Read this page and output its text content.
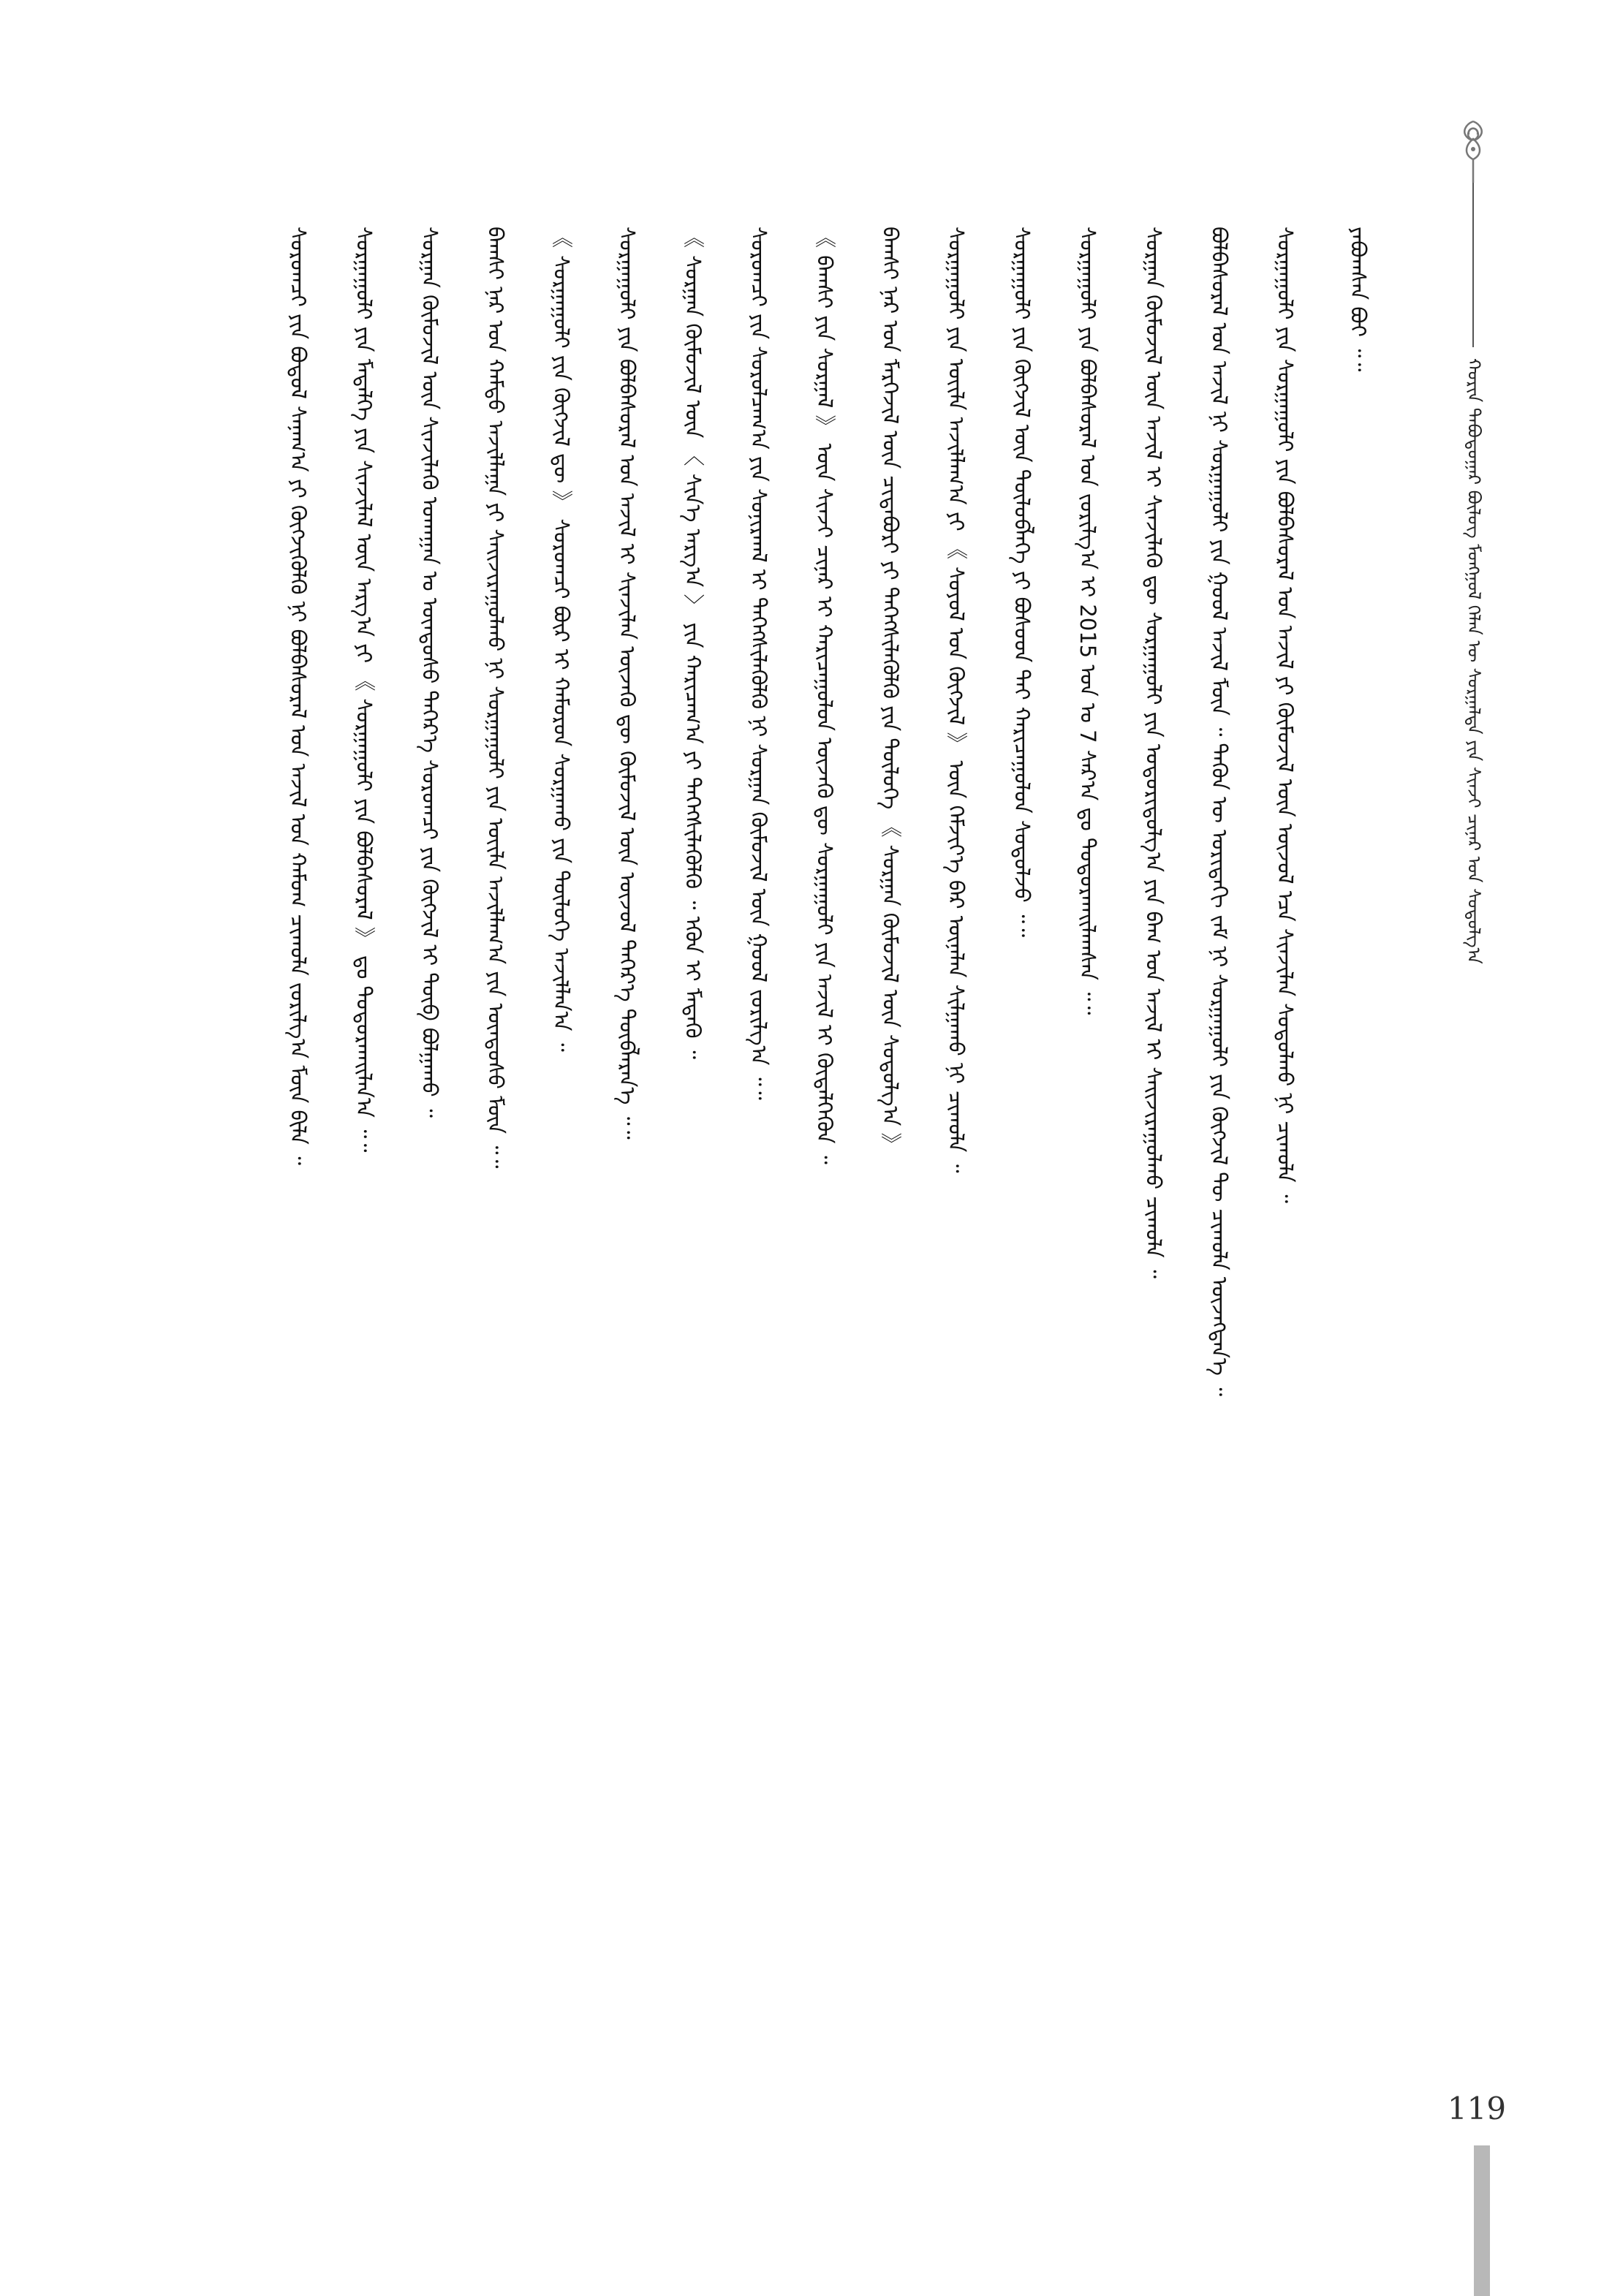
ᠬᠣᠷᠢᠨ ᠲᠠᠪᠤᠳᠤᠭᠠᠷ ᠪᠦᠯᠦᠭ ᠮᠣᠩᠭᠣᠯ ᠬᠡᠯᠡᠨ ᠦ ᠰᠤᠷᠭᠠᠯᠲᠠ ᠶᠢᠨ ᠰᠢᠨᠵᠢ ᠴᠢᠨᠠᠷ ᠤᠨ ᠰᠤᠳᠤᠯᠭ᠎ᠠ
ᠶᠠᠪᠤᠭᠰᠠᠨ ᠪᠤᠢ ᠃᠃
ᠰᠤᠷᠭᠠᠭᠤᠯᠢ ᠶᠢᠨ ᠰᠤᠷᠭᠠᠭᠤᠯᠢ ᠶᠢᠨ ᠪᠣᠯᠪᠠᠰᠤᠷᠠᠯ ᠤᠨ ᠠᠵᠢᠯ ᠶᠢ ᠬᠦᠮᠦᠵᠢᠯ ᠦᠨ ᠦᠵᠦᠯ ᠡᠴᠡ ᠰᠢᠨᠵᠢᠯᠡᠨ ᠰᠤᠳᠤᠯᠬᠤ ᠨᠢ ᠴᠢᠬᠤᠯᠠ ᠃
ᠪᠣᠯᠪᠠᠰᠤᠷᠠᠯ ᠤᠨ ᠠᠵᠢᠯ ᠨᠢ ᠰᠤᠷᠭᠠᠭᠤᠯᠢ ᠶᠢᠨ ᠭᠣᠣᠯ ᠠᠵᠢᠯ ᠮᠥᠨ ᠃ ᠲᠡᠭᠦᠨ ᠦ ᠤᠷᠢᠳᠠᠬᠢ ᠵᠠᠮ ᠨᠢ ᠰᠤᠷᠭᠠᠭᠤᠯᠢ ᠶᠢᠨ ᠬᠥᠭᠵᠢᠯ ᠲᠦ ᠴᠢᠬᠤᠯᠠ ᠦᠵᠡᠭᠳᠡᠨ᠎ᠡ ᠃
ᠰᠤᠷᠭᠠᠨ ᠬᠥᠮᠦᠵᠢᠯ ᠦᠨ ᠠᠵᠢᠯ ᠢ ᠰᠢᠨᠵᠢᠯᠡᠬᠦ ᠳᠦ ᠰᠤᠷᠭᠠᠭᠤᠯᠢ ᠶᠢᠨ ᠤᠳᠤᠷᠢᠳᠤᠯᠭ᠎ᠠ ᠶᠢᠨ ᠪᠠᠭ ᠤᠨ ᠠᠵᠢᠯ ᠢ ᠰᠠᠢᠵᠢᠷᠠᠭᠤᠯᠬᠤ ᠴᠢᠬᠤᠯᠠ ᠃
ᠰᠤᠷᠭᠠᠭᠤᠯᠢ ᠶᠢᠨ ᠪᠣᠯᠪᠠᠰᠤᠷᠠᠯ ᠤᠨ ᠵᠣᠷᠢᠯᠭ᠎ᠠ ᠢ 2015 ᠣᠨ ᠤ 7 ᠰᠠᠷ᠎ᠠ ᠳᠤ ᠲᠣᠳᠤᠷᠬᠠᠢᠯᠠᠭᠰᠠᠨ ᠃᠃
ᠰᠤᠷᠭᠠᠭᠤᠯᠢ ᠶᠢᠨ ᠬᠥᠭᠵᠢᠯ ᠦᠨ ᠲᠥᠯᠦᠪᠯᠡᠭᠡ ᠶᠢ ᠪᠤᠰᠤᠳ ᠲᠠᠢ ᠬᠠᠷᠢᠴᠠᠭᠤᠯᠤᠨ ᠰᠤᠳᠤᠯᠵᠤ ᠃᠃
ᠰᠤᠷᠭᠠᠭᠤᠯᠢ ᠶᠢᠨ ᠦᠢᠯᠡ ᠠᠵᠢᠯᠯᠠᠭ᠎ᠠ ᠶᠢ 《 ᠰᠣᠶᠣᠯ ᠤᠨ ᠬᠥᠭᠵᠢᠯ 》 ᠦᠨ ᠬᠡᠮᠵᠢᠶ᠎ᠡ ᠪᠡᠷ ᠦᠨᠡᠯᠡᠨ ᠰᠢᠯᠭᠠᠬᠤ ᠨᠢ ᠴᠢᠬᠤᠯᠠ ᠃
ᠪᠠᠭᠰᠢ ᠨᠠᠷ ᠤᠨ ᠮᠡᠷᠭᠡᠵᠢᠯ ᠦᠨ ᠴᠢᠳᠠᠪᠤᠷᠢ ᠶᠢ ᠳᠡᠭᠡᠭᠰᠢᠯᠡᠭᠦᠯᠬᠦ ᠶᠢᠨ ᠲᠥᠯᠦᠭᠡ 《 ᠰᠤᠷᠭᠠᠨ ᠬᠥᠮᠦᠵᠢᠯ ᠦᠨ ᠰᠤᠳᠤᠯᠭ᠎ᠠ 》
《 ᠪᠠᠭᠰᠢ ᠶᠢᠨ ᠰᠤᠷᠭᠠᠯ 》 ᠦᠨ ᠰᠢᠨᠵᠢ ᠴᠢᠨᠠᠷ ᠢ ᠬᠠᠷᠢᠴᠠᠭᠤᠯᠤᠨ ᠦᠵᠡᠬᠦ ᠳᠦ ᠰᠤᠷᠭᠠᠭᠤᠯᠢ ᠶᠢᠨ ᠠᠵᠢᠯ ᠢ ᠬᠥᠳᠡᠯᠭᠡᠭᠦᠨ ᠃
ᠰᠤᠷᠤᠭᠴᠢ ᠶᠢᠨ ᠰᠤᠷᠤᠯᠴᠠᠭ᠎ᠠ ᠶᠢᠨ ᠰᠣᠨᠢᠷᠬᠠᠯ ᠢ ᠳᠡᠭᠡᠭᠰᠢᠯᠡᠭᠦᠯᠬᠦ ᠨᠢ ᠰᠤᠷᠭᠠᠨ ᠬᠥᠮᠦᠵᠢᠯ ᠦᠨ ᠭᠣᠣᠯ ᠵᠣᠷᠢᠯᠭ᠎ᠠ ᠃᠃
《 ᠰᠤᠷᠭᠠᠨ ᠬᠥᠮᠦᠵᠢᠯ ᠦᠨ 〈 ᠰᠢᠨ᠎ᠡ ᠠᠷᠭ᠎ᠠ 〉 ᠶᠢᠨ ᠬᠠᠷᠢᠴᠠᠭ᠎ᠠ ᠶᠢ ᠳᠡᠭᠡᠭᠰᠢᠯᠡᠭᠦᠯᠬᠦ ᠃ ᠡᠭᠦᠨ ᠢ ᠮᠡᠳᠡᠬᠦ ᠃
ᠰᠤᠷᠭᠠᠭᠤᠯᠢ ᠶᠢᠨ ᠪᠣᠯᠪᠠᠰᠤᠷᠠᠯ ᠤᠨ ᠠᠵᠢᠯ ᠢ ᠰᠢᠨᠵᠢᠯᠡᠨ ᠦᠵᠡᠬᠦ ᠳᠦ ᠬᠥᠮᠦᠵᠢᠯ ᠦᠨ ᠦᠵᠦᠯ ᠳᠡᠭᠡᠷ᠎ᠡ ᠲᠥᠪᠯᠡᠷᠡᠨ᠎ᠡ ᠃᠃
《 ᠰᠤᠷᠭᠠᠭᠤᠯᠢ ᠶᠢᠨ ᠬᠥᠭᠵᠢᠯ ᠳᠦ 》 ᠰᠤᠷᠤᠭᠴᠢ ᠪᠦᠷ ᠢ ᠬᠠᠮᠤᠷᠤᠨ ᠰᠤᠷᠭᠠᠬᠤ ᠶᠢᠨ ᠲᠥᠯᠦᠭᠡ ᠠᠵᠢᠯᠯᠠᠨ᠎ᠠ ᠃
ᠪᠠᠭᠰᠢ ᠨᠠᠷ ᠤᠨ ᠬᠠᠮᠲᠤ ᠠᠵᠢᠯᠯᠠᠭᠠ ᠶᠢ ᠰᠠᠢᠵᠢᠷᠠᠭᠤᠯᠬᠤ ᠨᠢ ᠰᠤᠷᠭᠠᠭᠤᠯᠢ ᠶᠢᠨ ᠦᠢᠯᠡ ᠠᠵᠢᠯᠯᠠᠭ᠎ᠠ ᠶᠢᠨ ᠦᠨᠳᠦᠰᠦ ᠮᠥᠨ ᠃᠃
ᠰᠤᠷᠭᠠᠨ ᠬᠥᠮᠦᠵᠢᠯ ᠦᠨ ᠰᠢᠨᠵᠢᠯᠡᠬᠦ ᠤᠬᠠᠭᠠᠨ ᠤ ᠦᠨᠳᠦᠰᠦ ᠳᠡᠭᠡᠷ᠎ᠡ ᠰᠤᠷᠤᠭᠴᠢ ᠶᠢᠨ ᠬᠥᠭᠵᠢᠯ ᠢ ᠲᠥᠪ ᠪᠣᠯᠭᠠᠬᠤ ᠃
ᠰᠤᠷᠭᠠᠭᠤᠯᠢ ᠶᠢᠨ ᠮᠡᠳᠡᠯᠭᠡ ᠶᠢᠨ ᠰᠢᠨᠵᠢᠯᠡᠯ ᠦᠨ ᠠᠷᠭ᠎ᠠ ᠶᠢ 《 ᠰᠤᠷᠭᠠᠭᠤᠯᠢ ᠶᠢᠨ ᠪᠣᠯᠪᠠᠰᠤᠷᠠᠯ 》 ᠳᠤ ᠲᠣᠳᠤᠷᠬᠠᠢᠯᠠᠨ᠎ᠠ ᠃᠃
ᠰᠤᠷᠤᠭᠴᠢ ᠶᠢᠨ ᠪᠣᠳᠤᠯ ᠰᠠᠨᠠᠭ᠎ᠠ ᠶᠢ ᠬᠥᠭᠵᠢᠭᠦᠯᠬᠦ ᠨᠢ ᠪᠣᠯᠪᠠᠰᠤᠷᠠᠯ ᠤᠨ ᠠᠵᠢᠯ ᠤᠨ ᠬᠠᠮᠤᠭ ᠴᠢᠬᠤᠯᠠ ᠵᠣᠷᠢᠯᠭ᠎ᠠ ᠮᠥᠨ ᠪᠢᠯᠡ ᠃
119
